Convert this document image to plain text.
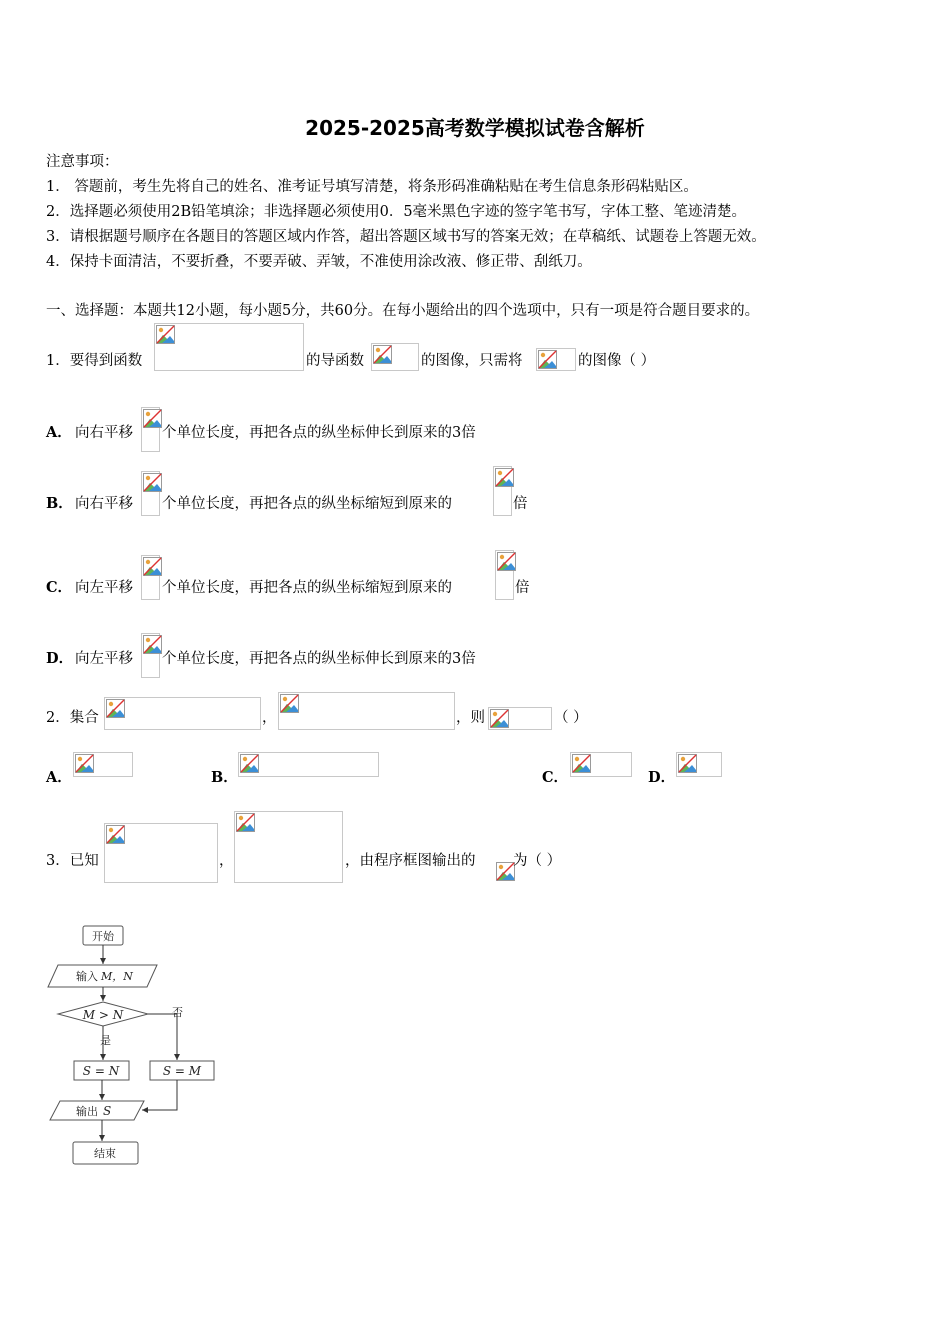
2025-2025高考数学模拟试卷含解析
注意事项：
1． 答题前，考生先将自己的姓名、准考证号填写清楚，将条形码准确粘贴在考生信息条形码粘贴区。
2．选择题必须使用2B铅笔填涂；非选择题必须使用0．5毫米黑色字迹的签字笔书写，字体工整、笔迹清楚。
3．请根据题号顺序在各题目的答题区域内作答，超出答题区域书写的答案无效；在草稿纸、试题卷上答题无效。
4．保持卡面清洁，不要折叠，不要弄破、弄皱，不准使用涂改液、修正带、刮纸刀。
一、选择题：本题共12小题，每小题5分，共60分。在每小题给出的四个选项中，只有一项是符合题目要求的。
1．要得到函数	的导函数	的图像，只需将	的图像（ ）
A． 向右平移 个单位长度，再把各点的纵坐标伸长到原来的3倍
B． 向右平移 个单位长度，再把各点的纵坐标缩短到原来的	倍
C． 向左平移 个单位长度，再把各点的纵坐标缩短到原来的	倍
D． 向左平移 个单位长度，再把各点的纵坐标伸长到原来的3倍
2．集合	，	，则	（ ）
A．	B．	C．	D．
3．已知	，	，由程序框图输出的	为（ ）
开始
输入 M，N
M > N	否
是
S = N	S = M
输出 S
结束
